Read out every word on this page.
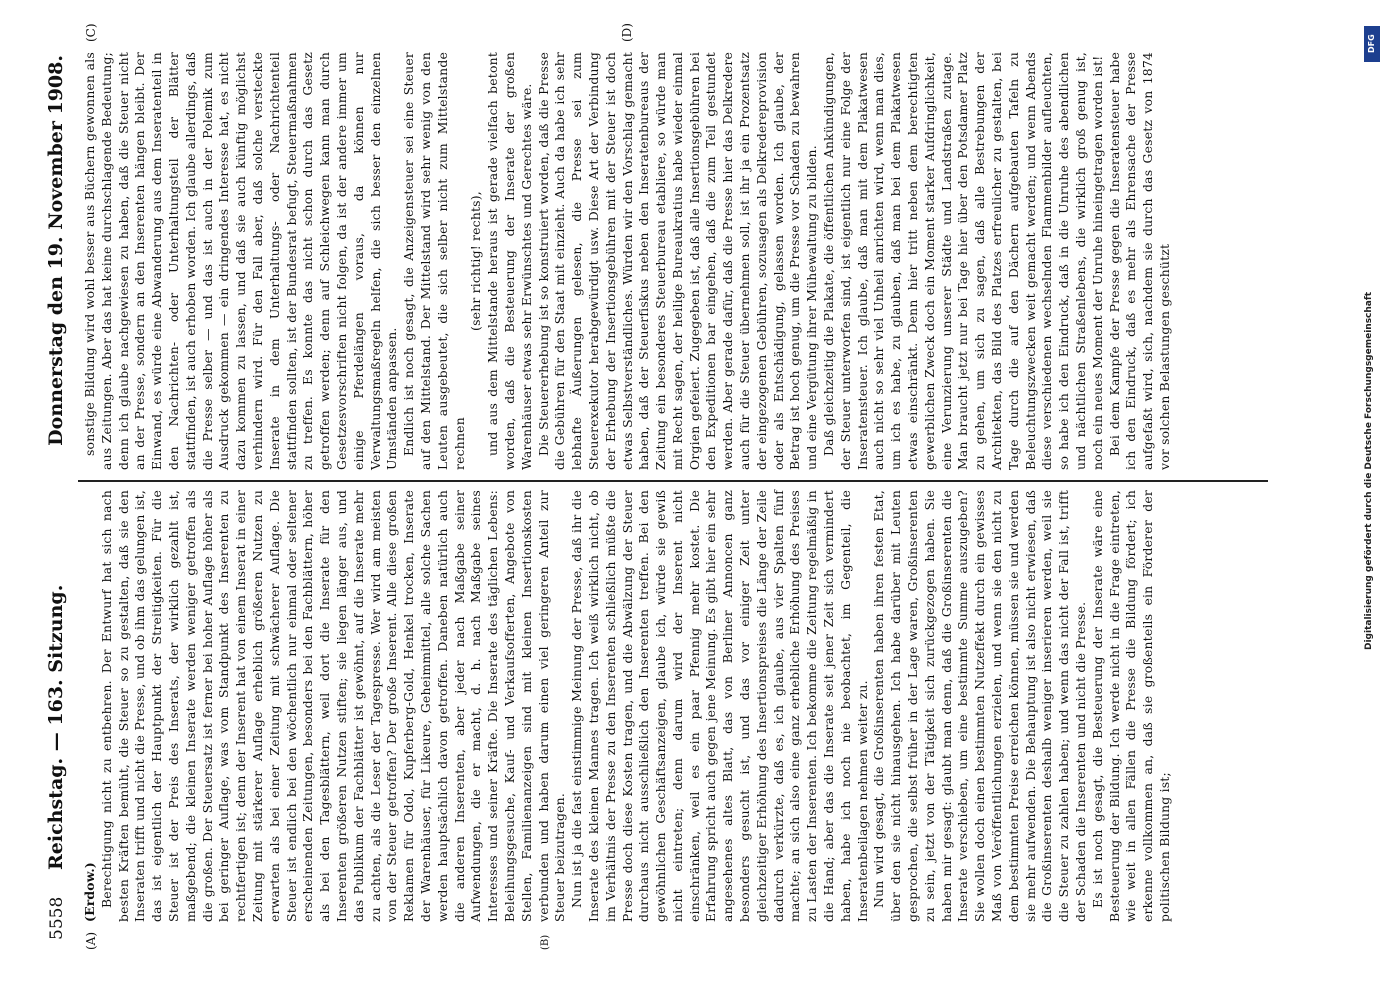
5558
Reichstag. — 163. Sitzung.
Donnerstag den 19. November 1908.
(A)	(B)
(C)	(D)

(Erdow.) Berechtigung nicht zu entbehren. Der Entwurf hat sich nach besten Kräften bemüht, die Steuer so zu gestalten, daß sie den Inseraten trifft und nicht die Presse, und ob ihm das gelungen ist, das ist eigentlich der Hauptpunkt der Streitigkeiten. Für die Steuer ist der Preis des Inserats, der wirklich gezahlt ist, maßgebend; die kleinen Inserate werden weniger getroffen als die großen. Der Steuersatz ist ferner bei hoher Auflage höher als bei geringer Auflage, was vom Standpunkt des Inserenten zu rechtfertigen ist; denn der Inserent hat von einem Inserat in einer Zeitung mit stärkerer Auflage erheblich größeren Nutzen zu erwarten als bei einer Zeitung mit schwächerer Auflage. Die Steuer ist endlich bei den wöchentlich nur einmal oder seltener erscheinenden Zeitungen, besonders bei den Fachblättern, höher als bei den Tagesblättern, weil dort die Inserate für den Inserenten größeren Nutzen stiften; sie liegen länger aus, und das Publikum der Fachblätter ist gewöhnt, auf die Inserate mehr zu achten, als die Leser der Tagespresse. Wer wird am meisten von der Steuer getroffen? Der große Inserent. Alle diese großen Reklamen für Odol, Kupferberg-Gold, Henkel trocken, Inserate der Warenhäuser, für Likeure, Geheimmittel, alle solche Sachen werden hauptsächlich davon getroffen. Daneben natürlich auch die anderen Inserenten, aber jeder nach Maßgabe seiner Aufwendungen, die er macht, d. h. nach Maßgabe seines Interesses und seiner Kräfte. Die Inserate des täglichen Lebens: Beleihungsgesuche, Kauf- und Verkaufsofferten, Angebote von Stellen, Familienanzeigen sind mit kleinen Insertionskosten verbunden und haben darum einen viel geringeren Anteil zur Steuer beizutragen. Nun ist ja die fast einstimmige Meinung der Presse, daß ihr die Inserate des kleinen Mannes tragen. Ich weiß wirklich nicht, ob im Verhältnis der Presse zu den Inserenten schließlich müßte die Presse doch diese Kosten tragen, und die Abwälzung der Steuer durchaus nicht ausschließlich den Inserenten treffen. Bei den gewöhnlichen Geschäftsanzeigen, glaube ich, würde sie gewiß nicht eintreten; denn darum wird der Inserent nicht einschränken, weil es ein paar Pfennig mehr kostet. Die Erfahrung spricht auch gegen jene Meinung. Es gibt hier ein sehr angesehenes altes Blatt, das von Berliner Annoncen ganz besonders gesucht ist, und das vor einiger Zeit unter gleichzeitiger Erhöhung des Insertionspreises die Länge der Zeile dadurch verkürzte, daß es, ich glaube, aus vier Spalten fünf machte; an sich also eine ganz erhebliche Erhöhung des Preises zu Lasten der Inserenten. Ich bekomme die Zeitung regelmäßig in die Hand; aber das die Inserate seit jener Zeit sich vermindert haben, habe ich noch nie beobachtet, im Gegenteil, die Inseratenbeilagen nehmen weiter zu. Nun wird gesagt, die Großinserenten haben ihren festen Etat, über den sie nicht hinausgehen. Ich habe darüber mit Leuten gesprochen, die selbst früher in der Lage waren, Großinserenten zu sein, jetzt von der Tätigkeit sich zurückgezogen haben. Sie haben mir gesagt: glaubt man denn, daß die Großinserenten die Inserate verschieben, um eine bestimmte Summe auszugeben? Sie wollen doch einen bestimmten Nutzeffekt durch ein gewisses Maß von Veröffentlichungen erzielen, und wenn sie den nicht zu dem bestimmten Preise erreichen können, müssen sie und werden sie mehr aufwenden. Die Behauptung ist also nicht erwiesen, daß die Großinserenten deshalb weniger inserieren werden, weil sie die Steuer zu zahlen haben; und wenn das nicht der Fall ist, trifft der Schaden die Inserenten und nicht die Presse. Es ist noch gesagt, die Besteuerung der Inserate wäre eine Besteuerung der Bildung. Ich werde nicht in die Frage eintreten, wie weit in allen Fällen die Presse die Bildung fördert; ich erkenne vollkommen an, daß sie großenteils ein Förderer der politischen Bildung ist;

sonstige Bildung wird wohl besser aus Büchern gewonnen als aus Zeitungen. Aber das hat keine durchschlagende Bedeutung; denn ich glaube nachgewiesen zu haben, daß die Steuer nicht an der Presse, sondern an den Inserenten hängen bleibt. Der Einwand, es würde eine Abwanderung aus dem Inseratenteil in den Nachrichten- oder Unterhaltungsteil der Blätter stattfinden, ist auch erhoben worden. Ich glaube allerdings, daß die Presse selber — und das ist auch in der Polemik zum Ausdruck gekommen — ein dringendes Interesse hat, es nicht dazu kommen zu lassen, und daß sie auch künftig möglichst verhindern wird. Für den Fall aber, daß solche versteckte Inserate in dem Unterhaltungs- oder Nachrichtenteil stattfinden sollten, ist der Bundesrat befugt, Steuermaßnahmen zu treffen. Es konnte das nicht schon durch das Gesetz getroffen werden; denn auf Schleichwegen kann man durch Gesetzesvorschriften nicht folgen, da ist der andere immer um einige Pferdelängen voraus, da können nur Verwaltungsmaßregeln helfen, die sich besser den einzelnen Umständen anpassen. Endlich ist noch gesagt, die Anzeigensteuer sei eine Steuer auf den Mittelstand. Der Mittelstand wird sehr wenig von den Leuten ausgebeutet, die sich selber nicht zum Mittelstande rechnen

(sehr richtig! rechts), und aus dem Mittelstande heraus ist gerade vielfach betont worden, daß die Besteuerung der Inserate der großen Warenhäuser etwas sehr Erwünschtes und Gerechtes wäre. Die Steuererhebung ist so konstruiert worden, daß die Presse die Gebühren für den Staat mit einzieht. Auch da habe ich sehr lebhafte Äußerungen gelesen, die Presse sei zum Steuerexekutor herabgewürdigt usw. Diese Art der Verbindung der Erhebung der Insertionsgebühren mit der Steuer ist doch etwas Selbstverständliches. Würden wir den Vorschlag gemacht haben, daß der Steuerfiskus neben den Inseratenbureaus der Zeitung ein besonderes Steuerbureau etabliere, so würde man mit Recht sagen, der heilige Bureaukratius habe wieder einmal Orgien gefeiert. Zugegeben ist, daß alle Insertionsgebühren bei den Expeditionen bar eingehen, daß die zum Teil gestundet werden. Aber gerade dafür, daß die Presse hier das Delkredere auch für die Steuer übernehmen soll, ist ihr ja ein Prozentsatz der eingezogenen Gebühren, sozusagen als Delkredereprovision oder als Entschädigung, gelassen worden. Ich glaube, der Betrag ist hoch genug, um die Presse vor Schaden zu bewahren und eine Vergütung ihrer Mühewaltung zu bilden. Daß gleichzeitig die Plakate, die öffentlichen Ankündigungen, der Steuer unterworfen sind, ist eigentlich nur eine Folge der Inseratensteuer. Ich glaube, daß man mit dem Plakatwesen auch nicht so sehr viel Unheil anrichten wird, wenn man dies, um ich es habe, zu glauben, daß man bei dem Plakatwesen etwas einschränkt. Denn hier tritt neben dem berechtigten gewerblichen Zweck doch ein Moment starker Aufdringlichkeit, eine Verunzierung unserer Städte und Landstraßen zutage. Man braucht jetzt nur bei Tage hier über den Potsdamer Platz zu gehen, um sich zu sagen, daß alle Bestrebungen der Architekten, das Bild des Platzes erfreulicher zu gestalten, bei Tage durch die auf den Dächern aufgebauten Tafeln zu Beleuchtungszwecken weit gemacht werden; und wenn Abends diese verschiedenen wechselnden Flammenbilder aufleuchten, so habe ich den Eindruck, daß in die Unruhe des abendlichen und nächtlichen Straßenlebens, die wirklich groß genug ist, noch ein neues Moment der Unruhe hineingetragen worden ist! Bei dem Kampfe der Presse gegen die Inseratensteuer habe ich den Eindruck, daß es mehr als Ehrensache der Presse aufgefaßt wird, sich, nachdem sie durch das Gesetz von 1874 vor solchen Belastungen geschützt

DFG
Digitalisierung gefördert durch die Deutsche Forschungsgemeinschaft
